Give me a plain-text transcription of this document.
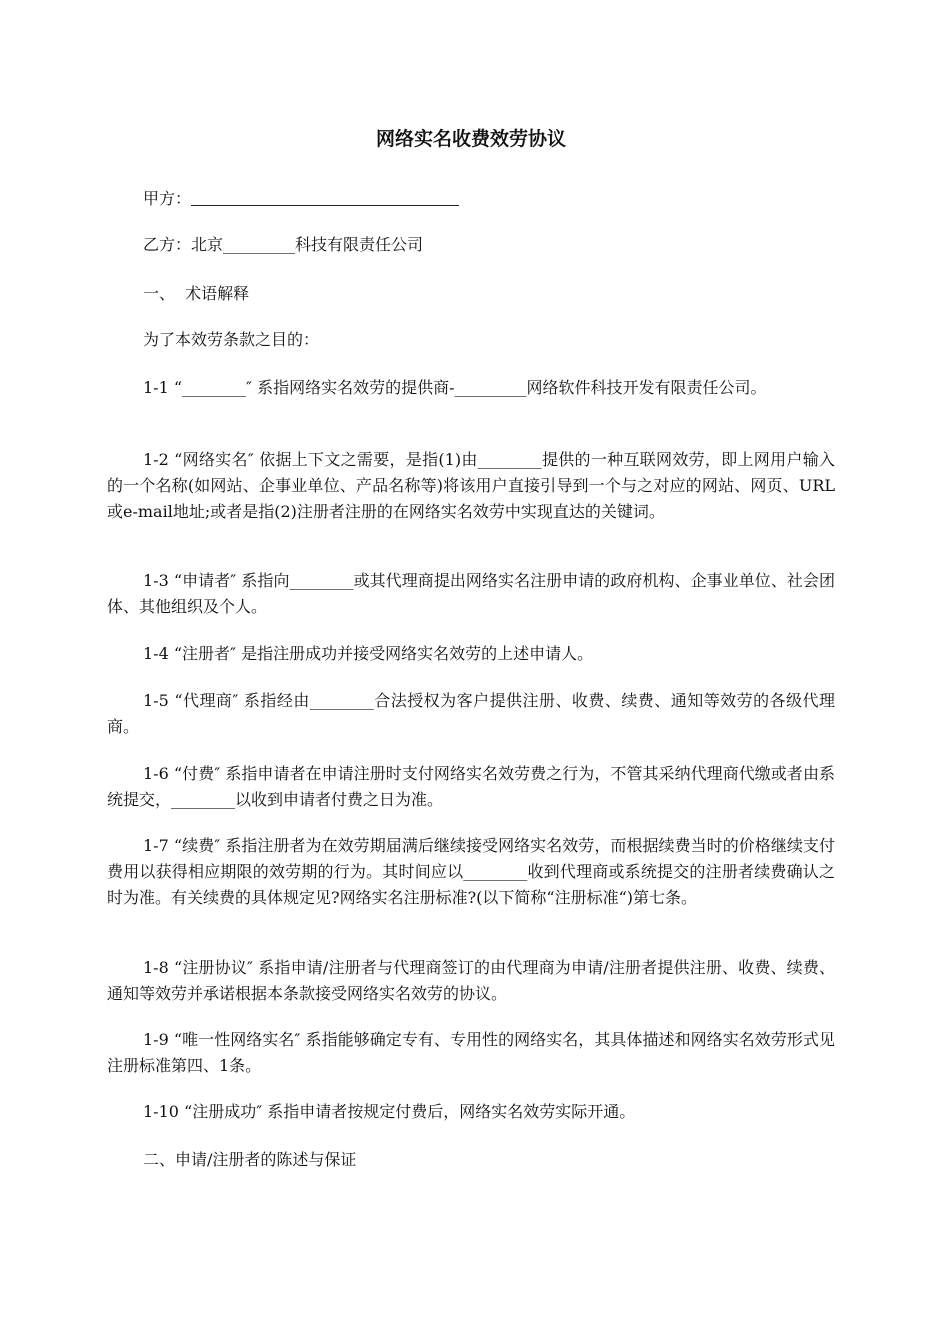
网络实名收费效劳协议

甲方：

乙方：北京_________科技有限责任公司

一、  术语解释

为了本效劳条款之目的：

1-1 “________″ 系指网络实名效劳的提供商-_________网络软件科技开发有限责任公司。

1-2 “网络实名″ 依据上下文之需要，是指(1)由________提供的一种互联网效劳，即上网用户输入的一个名称(如网站、企事业单位、产品名称等)将该用户直接引导到一个与之对应的网站、网页、URL或e-mail地址;或者是指(2)注册者注册的在网络实名效劳中实现直达的关键词。

1-3 “申请者″ 系指向________或其代理商提出网络实名注册申请的政府机构、企事业单位、社会团体、其他组织及个人。

1-4 “注册者″ 是指注册成功并接受网络实名效劳的上述申请人。

1-5 “代理商″ 系指经由________合法授权为客户提供注册、收费、续费、通知等效劳的各级代理商。

1-6 “付费″ 系指申请者在申请注册时支付网络实名效劳费之行为，不管其采纳代理商代缴或者由系统提交，________以收到申请者付费之日为准。

1-7 “续费″ 系指注册者为在效劳期届满后继续接受网络实名效劳，而根据续费当时的价格继续支付费用以获得相应期限的效劳期的行为。其时间应以________收到代理商或系统提交的注册者续费确认之时为准。有关续费的具体规定见?网络实名注册标准?(以下简称“注册标准“)第七条。

1-8 “注册协议″ 系指申请/注册者与代理商签订的由代理商为申请/注册者提供注册、收费、续费、通知等效劳并承诺根据本条款接受网络实名效劳的协议。

1-9 “唯一性网络实名″ 系指能够确定专有、专用性的网络实名，其具体描述和网络实名效劳形式见注册标准第四、1条。

1-10 “注册成功″ 系指申请者按规定付费后，网络实名效劳实际开通。

二、申请/注册者的陈述与保证
